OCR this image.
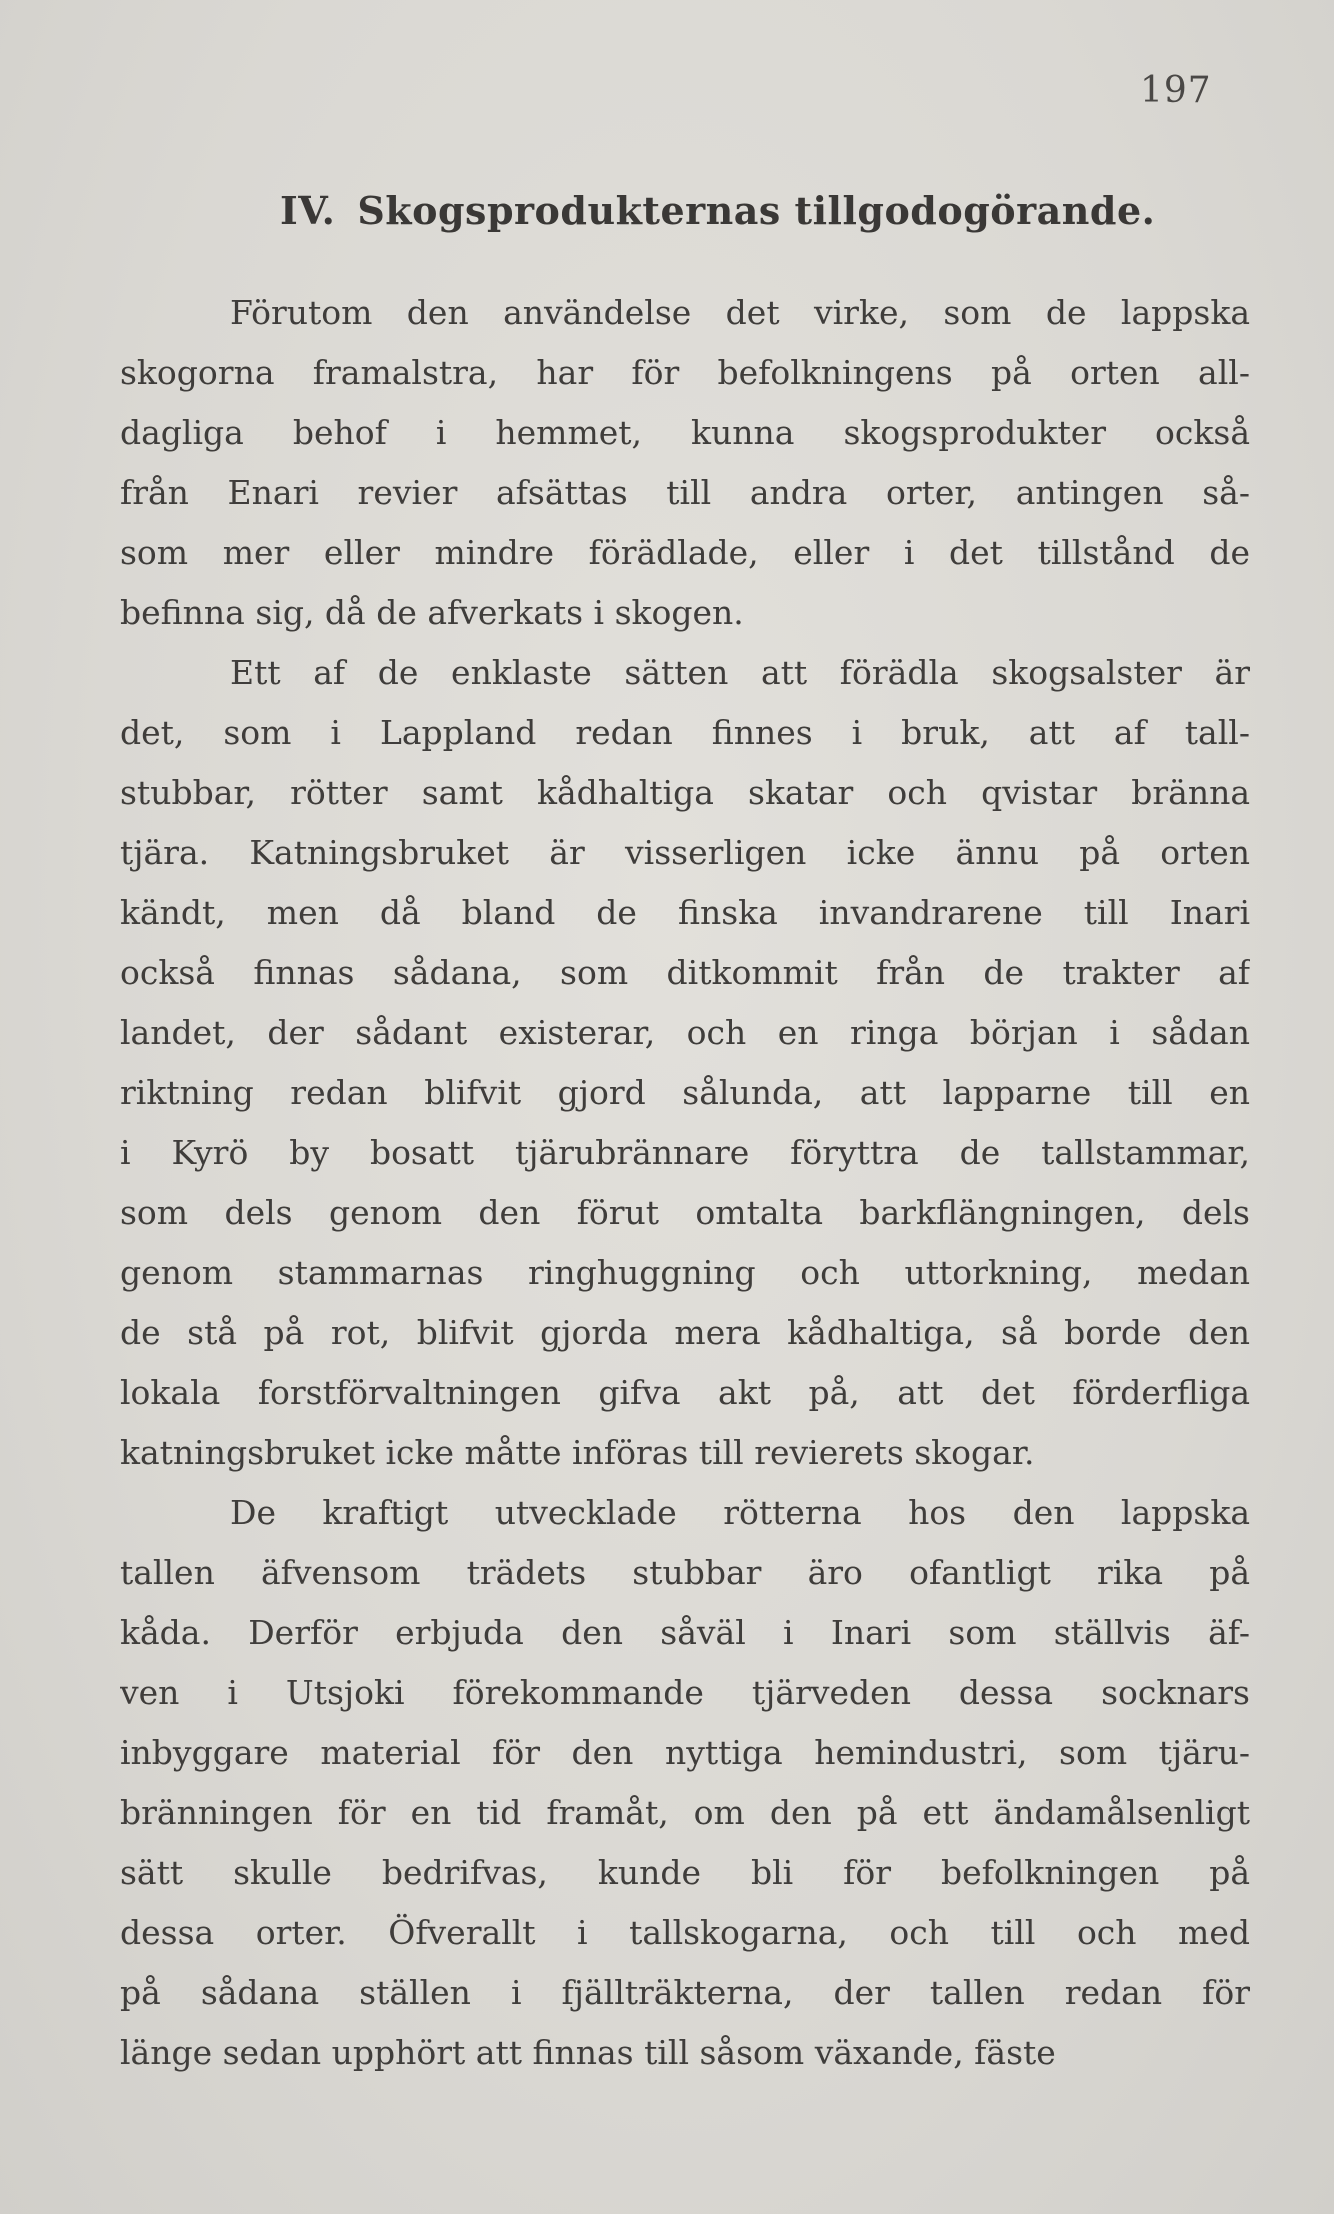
197
IV. Skogsprodukternas tillgodogörande.
Förutom den användelse det virke, som de lappska
skogorna framalstra, har för befolkningens på orten all-
dagliga behof i hemmet, kunna skogsprodukter också
från Enari revier afsättas till andra orter, antingen så-
som mer eller mindre förädlade, eller i det tillstånd de
befinna sig, då de afverkats i skogen.
Ett af de enklaste sätten att förädla skogsalster är
det, som i Lappland redan finnes i bruk, att af tall-
stubbar, rötter samt kådhaltiga skatar och qvistar bränna
tjära. Katningsbruket är visserligen icke ännu på orten
kändt, men då bland de finska invandrarene till Inari
också finnas sådana, som ditkommit från de trakter af
landet, der sådant existerar, och en ringa början i sådan
riktning redan blifvit gjord sålunda, att lapparne till en
i Kyrö by bosatt tjärubrännare föryttra de tallstammar,
som dels genom den förut omtalta barkflängningen, dels
genom stammarnas ringhuggning och uttorkning, medan
de stå på rot, blifvit gjorda mera kådhaltiga, så borde den
lokala forstförvaltningen gifva akt på, att det förderfliga
katningsbruket icke måtte införas till revierets skogar.
De kraftigt utvecklade rötterna hos den lappska
tallen äfvensom trädets stubbar äro ofantligt rika på
kåda. Derför erbjuda den såväl i Inari som ställvis äf-
ven i Utsjoki förekommande tjärveden dessa socknars
inbyggare material för den nyttiga hemindustri, som tjäru-
bränningen för en tid framåt, om den på ett ändamålsenligt
sätt skulle bedrifvas, kunde bli för befolkningen på
dessa orter. Öfverallt i tallskogarna, och till och med
på sådana ställen i fjällträkterna, der tallen redan för
länge sedan upphört att finnas till såsom växande, fäste
